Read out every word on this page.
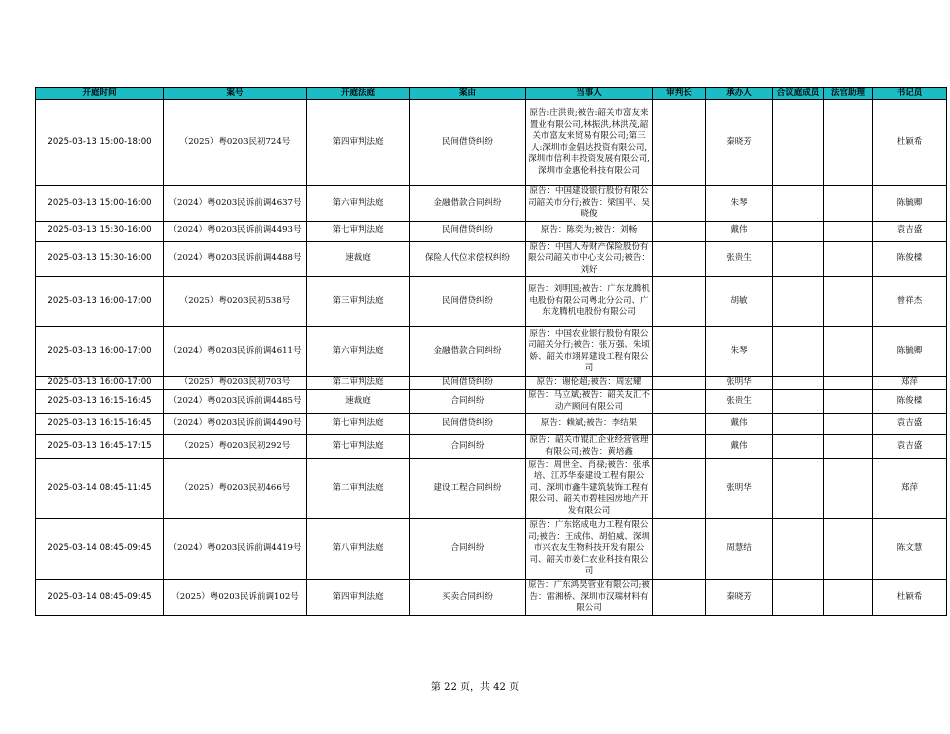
开庭时间	案号	开庭法庭	案由	当事人	审判长	承办人	合议庭成员	法官助理	书记员
2025-03-13 15:00-18:00	（2025）粤0203民初724号	第四审判法庭	民间借贷纠纷	原告:庄洪贵;被告:韶关市富友来置业有限公司,林振洪,林洪茂,韶关市富友来贸易有限公司;第三人:深圳市金倡达投资有限公司,深圳市信利丰投资发展有限公司,深圳市金惠伦科技有限公司		秦晓芳			杜颖希
2025-03-13 15:00-16:00	（2024）粤0203民诉前调4637号	第六审判法庭	金融借款合同纠纷	原告：中国建设银行股份有限公司韶关市分行;被告：梁国平、吴晓俊		朱琴			陈毓卿
2025-03-13 15:30-16:00	（2024）粤0203民诉前调4493号	第七审判法庭	民间借贷纠纷	原告：陈奕为;被告：刘畅		戴伟			袁吉盛
2025-03-13 15:30-16:00	（2024）粤0203民诉前调4488号	速裁庭	保险人代位求偿权纠纷	原告：中国人寿财产保险股份有限公司韶关市中心支公司;被告：刘好		张贵生			陈俊樑
2025-03-13 16:00-17:00	（2025）粤0203民初538号	第三审判法庭	民间借贷纠纷	原告：刘明国;被告：广东龙腾机电股份有限公司粤北分公司、广东龙腾机电股份有限公司		胡敏			曾祥杰
2025-03-13 16:00-17:00	（2024）粤0203民诉前调4611号	第六审判法庭	金融借款合同纠纷	原告：中国农业银行股份有限公司韶关分行;被告：张万强、朱顷娇、韶关市翊昇建设工程有限公司		朱琴			陈毓卿
2025-03-13 16:00-17:00	（2025）粤0203民初703号	第二审判法庭	民间借贷纠纷	原告：谢伦超;被告：周宏耀		张明华			郑萍
2025-03-13 16:15-16:45	（2024）粤0203民诉前调4485号	速裁庭	合同纠纷	原告：马立斌;被告：韶关友汇不动产顾问有限公司		张贵生			陈俊樑
2025-03-13 16:15-16:45	（2024）粤0203民诉前调4490号	第七审判法庭	民间借贷纠纷	原告：赖斌;被告：李结果		戴伟			袁吉盛
2025-03-13 16:45-17:15	（2025）粤0203民初292号	第七审判法庭	合同纠纷	原告：韶关市锟汇企业经营管理有限公司;被告：黄培鑫		戴伟			袁吉盛
2025-03-14 08:45-11:45	（2025）粤0203民初466号	第二审判法庭	建设工程合同纠纷	原告：周世全、肖禄;被告：张承培、江苏华泰建设工程有限公司、深圳市鑫牛建筑装饰工程有限公司、韶关市碧桂园房地产开发有限公司		张明华			郑萍
2025-03-14 08:45-09:45	（2024）粤0203民诉前调4419号	第八审判法庭	合同纠纷	原告：广东铭成电力工程有限公司;被告：王成伟、胡伯威、深圳市兴农友生物科技开发有限公司、韶关市姜仁农业科技有限公司		周慧结			陈文慧
2025-03-14 08:45-09:45	（2025）粤0203民诉前调102号	第四审判法庭	买卖合同纠纷	原告：广东鸿昊管业有限公司;被告：雷湘桥、深圳市汉瑞材料有限公司		秦晓芳			杜颖希
第 22 页，共 42 页
